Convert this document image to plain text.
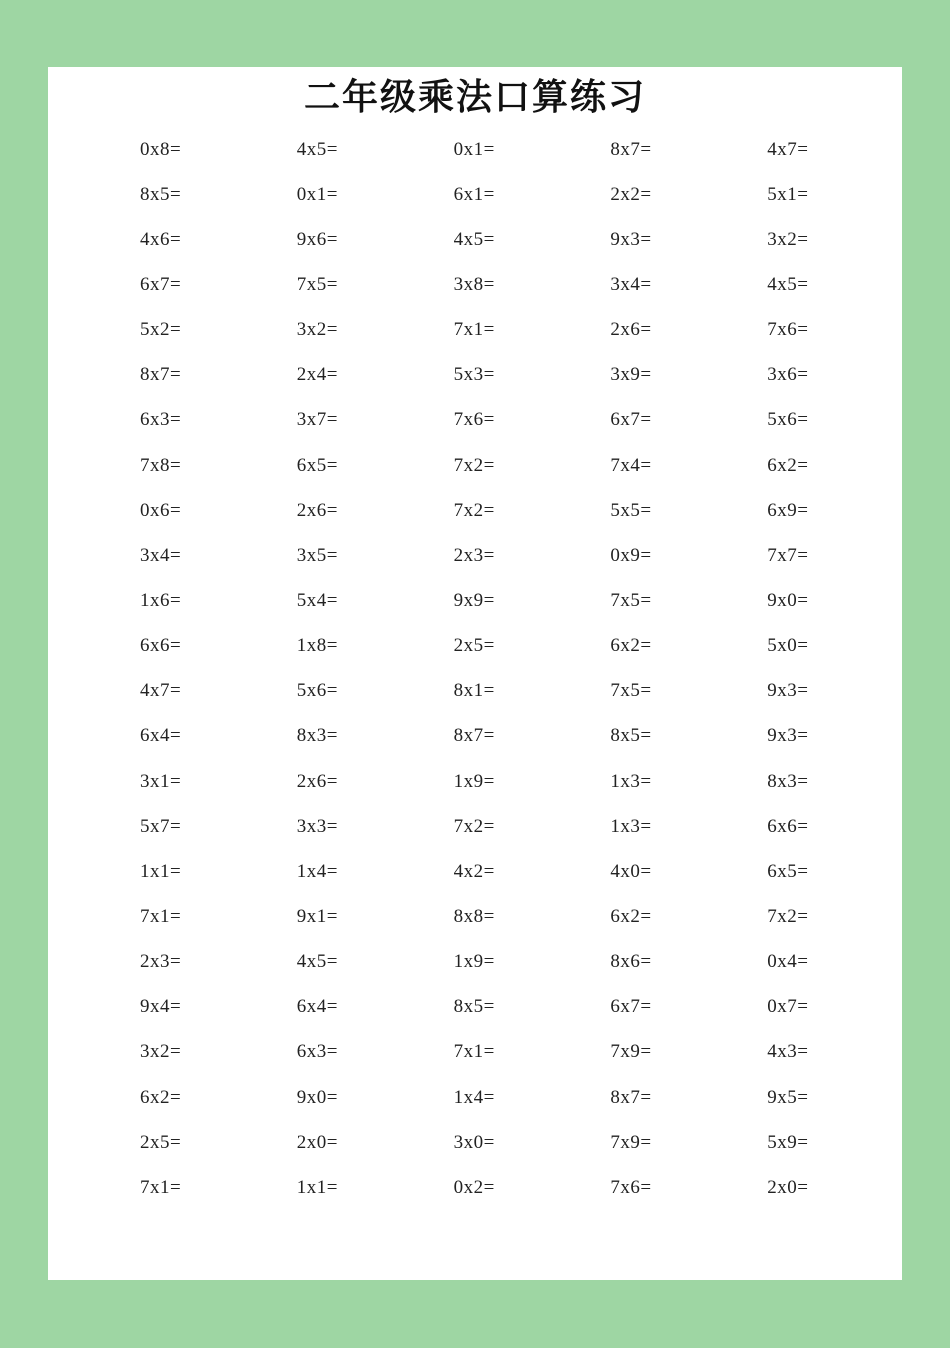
二年级乘法口算练习
0x8=	4x5=	0x1=	8x7=	4x7=
8x5=	0x1=	6x1=	2x2=	5x1=
4x6=	9x6=	4x5=	9x3=	3x2=
6x7=	7x5=	3x8=	3x4=	4x5=
5x2=	3x2=	7x1=	2x6=	7x6=
8x7=	2x4=	5x3=	3x9=	3x6=
6x3=	3x7=	7x6=	6x7=	5x6=
7x8=	6x5=	7x2=	7x4=	6x2=
0x6=	2x6=	7x2=	5x5=	6x9=
3x4=	3x5=	2x3=	0x9=	7x7=
1x6=	5x4=	9x9=	7x5=	9x0=
6x6=	1x8=	2x5=	6x2=	5x0=
4x7=	5x6=	8x1=	7x5=	9x3=
6x4=	8x3=	8x7=	8x5=	9x3=
3x1=	2x6=	1x9=	1x3=	8x3=
5x7=	3x3=	7x2=	1x3=	6x6=
1x1=	1x4=	4x2=	4x0=	6x5=
7x1=	9x1=	8x8=	6x2=	7x2=
2x3=	4x5=	1x9=	8x6=	0x4=
9x4=	6x4=	8x5=	6x7=	0x7=
3x2=	6x3=	7x1=	7x9=	4x3=
6x2=	9x0=	1x4=	8x7=	9x5=
2x5=	2x0=	3x0=	7x9=	5x9=
7x1=	1x1=	0x2=	7x6=	2x0=
